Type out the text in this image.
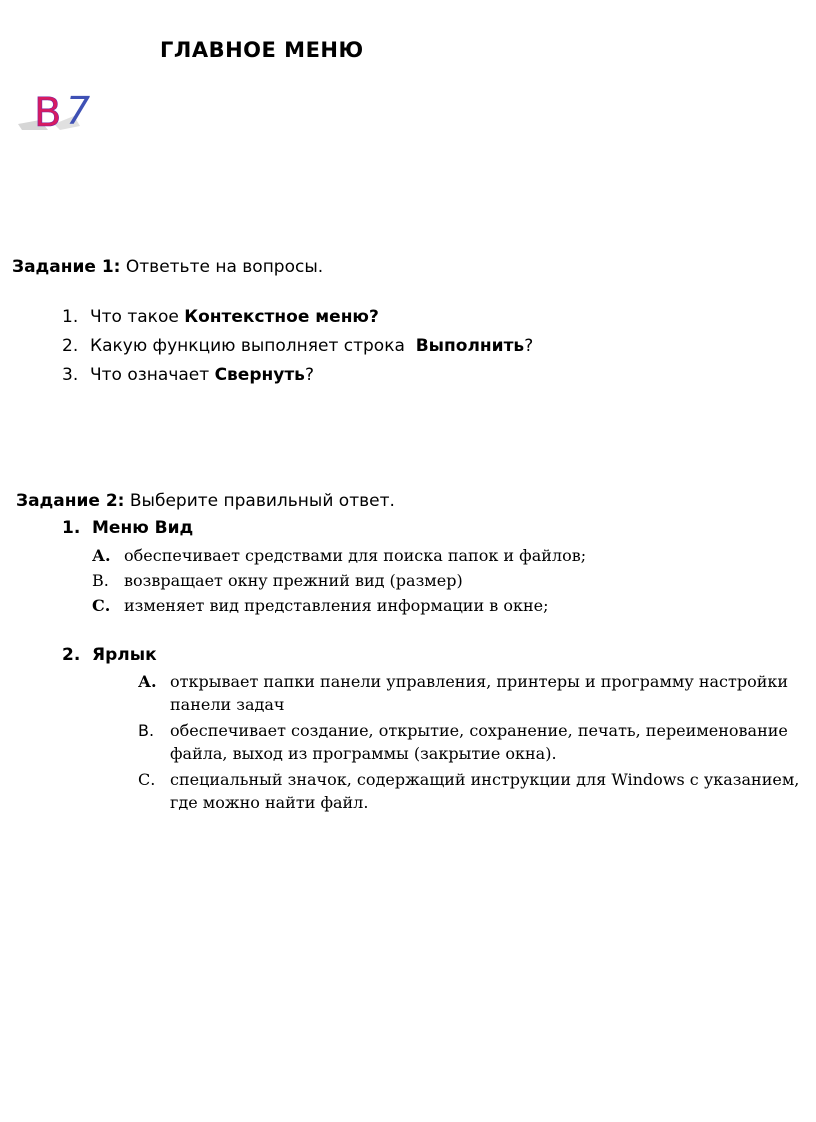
ГЛАВНОЕ МЕНЮ
В 7
Задание 1: Ответьте на вопросы.
1. Что такое Контекстное меню?
2. Какую функцию выполняет строка  Выполнить?
3. Что означает Свернуть?
Задание 2: Выберите правильный ответ.
1. Меню Вид
А. обеспечивает средствами для поиска папок и файлов;
В. возвращает окну прежний вид (размер)
С. изменяет вид представления информации в окне;
2. Ярлык
А. открывает папки панели управления, принтеры и программу настройки панели задач
В. обеспечивает создание, открытие, сохранение, печать, переименование файла, выход из программы (закрытие окна).
С. специальный значок, содержащий инструкции для Windows с указанием, где можно найти файл.
